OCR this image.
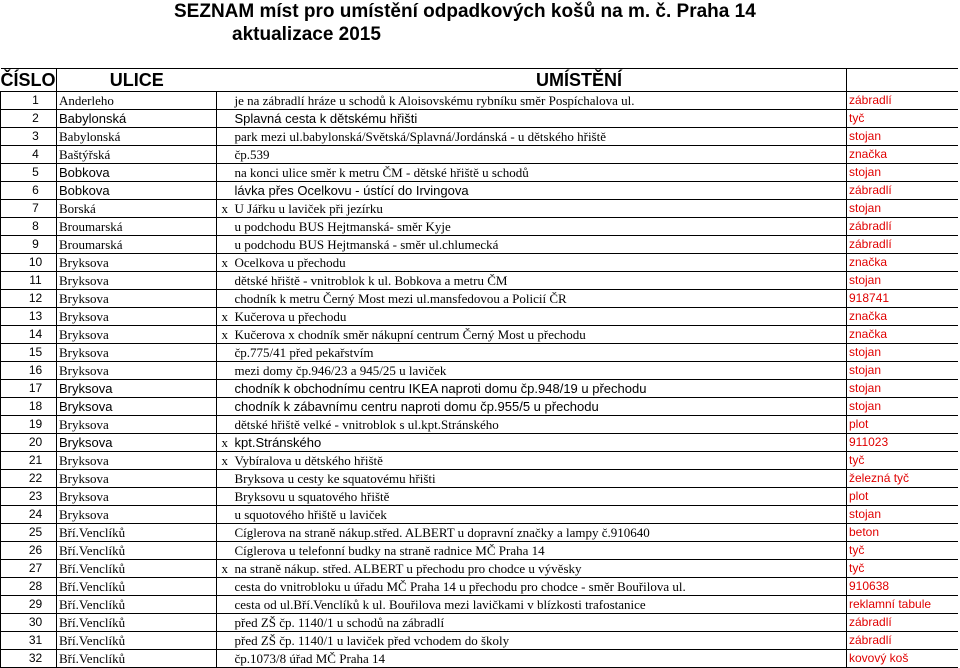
SEZNAM míst pro umístění odpadkových košů na m. č. Praha 14
aktualizace 2015
ČÍSLO	ULICE		UMÍSTĚNÍ	
1	Anderleho		je na zábradlí hráze u schodů k Aloisovskému rybníku směr Pospíchalova ul.	zábradlí
2	Babylonská		Splavná cesta k dětskému hřišti	tyč
3	Babylonská		park mezi ul.babylonská/Světská/Splavná/Jordánská - u dětského hřiště	stojan
4	Baštýřská		čp.539	značka
5	Bobkova		na konci ulice směr k metru ČM - dětské hřiště u schodů	stojan
6	Bobkova		lávka přes Ocelkovu - ústící do Irvingova	zábradlí
7	Borská	x	U Jářku u laviček při jezírku	stojan
8	Broumarská		u podchodu BUS Hejtmanská- směr Kyje	zábradlí
9	Broumarská		u podchodu BUS Hejtmanská - směr ul.chlumecká	zábradlí
10	Bryksova	x	Ocelkova u přechodu	značka
11	Bryksova		dětské hřiště - vnitroblok k ul. Bobkova a metru ČM	stojan
12	Bryksova		chodník k metru Černý Most mezi ul.mansfedovou a Policií ČR	918741
13	Bryksova	x	Kučerova u přechodu	značka
14	Bryksova	x	Kučerova x chodník směr nákupní centrum Černý Most u přechodu	značka
15	Bryksova		čp.775/41 před pekařstvím	stojan
16	Bryksova		mezi domy čp.946/23 a 945/25 u laviček	stojan
17	Bryksova		chodník k obchodnímu centru IKEA naproti domu čp.948/19 u přechodu	stojan
18	Bryksova		chodník k zábavnímu centru naproti domu čp.955/5 u přechodu	stojan
19	Bryksova		dětské hřiště velké - vnitroblok s ul.kpt.Stránského	plot
20	Bryksova	x	kpt.Stránského	911023
21	Bryksova	x	Vybíralova u dětského hřiště	tyč
22	Bryksova		Bryksova u cesty ke squatovému hřišti	železná tyč
23	Bryksova		Bryksovu u squatového hřiště	plot
24	Bryksova		u squotového hřiště u laviček	stojan
25	Bří.Venclíků		Cíglerova na straně nákup.střed. ALBERT u dopravní značky a lampy č.910640	beton
26	Bří.Venclíků		Cíglerova u telefonní budky na straně radnice MČ Praha 14	tyč
27	Bří.Venclíků	x	na straně nákup. střed. ALBERT u přechodu pro chodce u vývěsky	tyč
28	Bří.Venclíků		cesta do vnitrobloku u úřadu MČ Praha 14 u přechodu pro chodce - směr Bouřilova ul.	910638
29	Bří.Venclíků		cesta od ul.Bří.Venclíků k ul. Bouřilova mezi lavičkami v blízkosti trafostanice	reklamní tabule
30	Bří.Venclíků		před ZŠ čp. 1140/1 u schodů na zábradlí	zábradlí
31	Bří.Venclíků		před ZŠ čp. 1140/1 u laviček před vchodem do školy	zábradlí
32	Bří.Venclíků		čp.1073/8 úřad MČ Praha 14	kovový koš
